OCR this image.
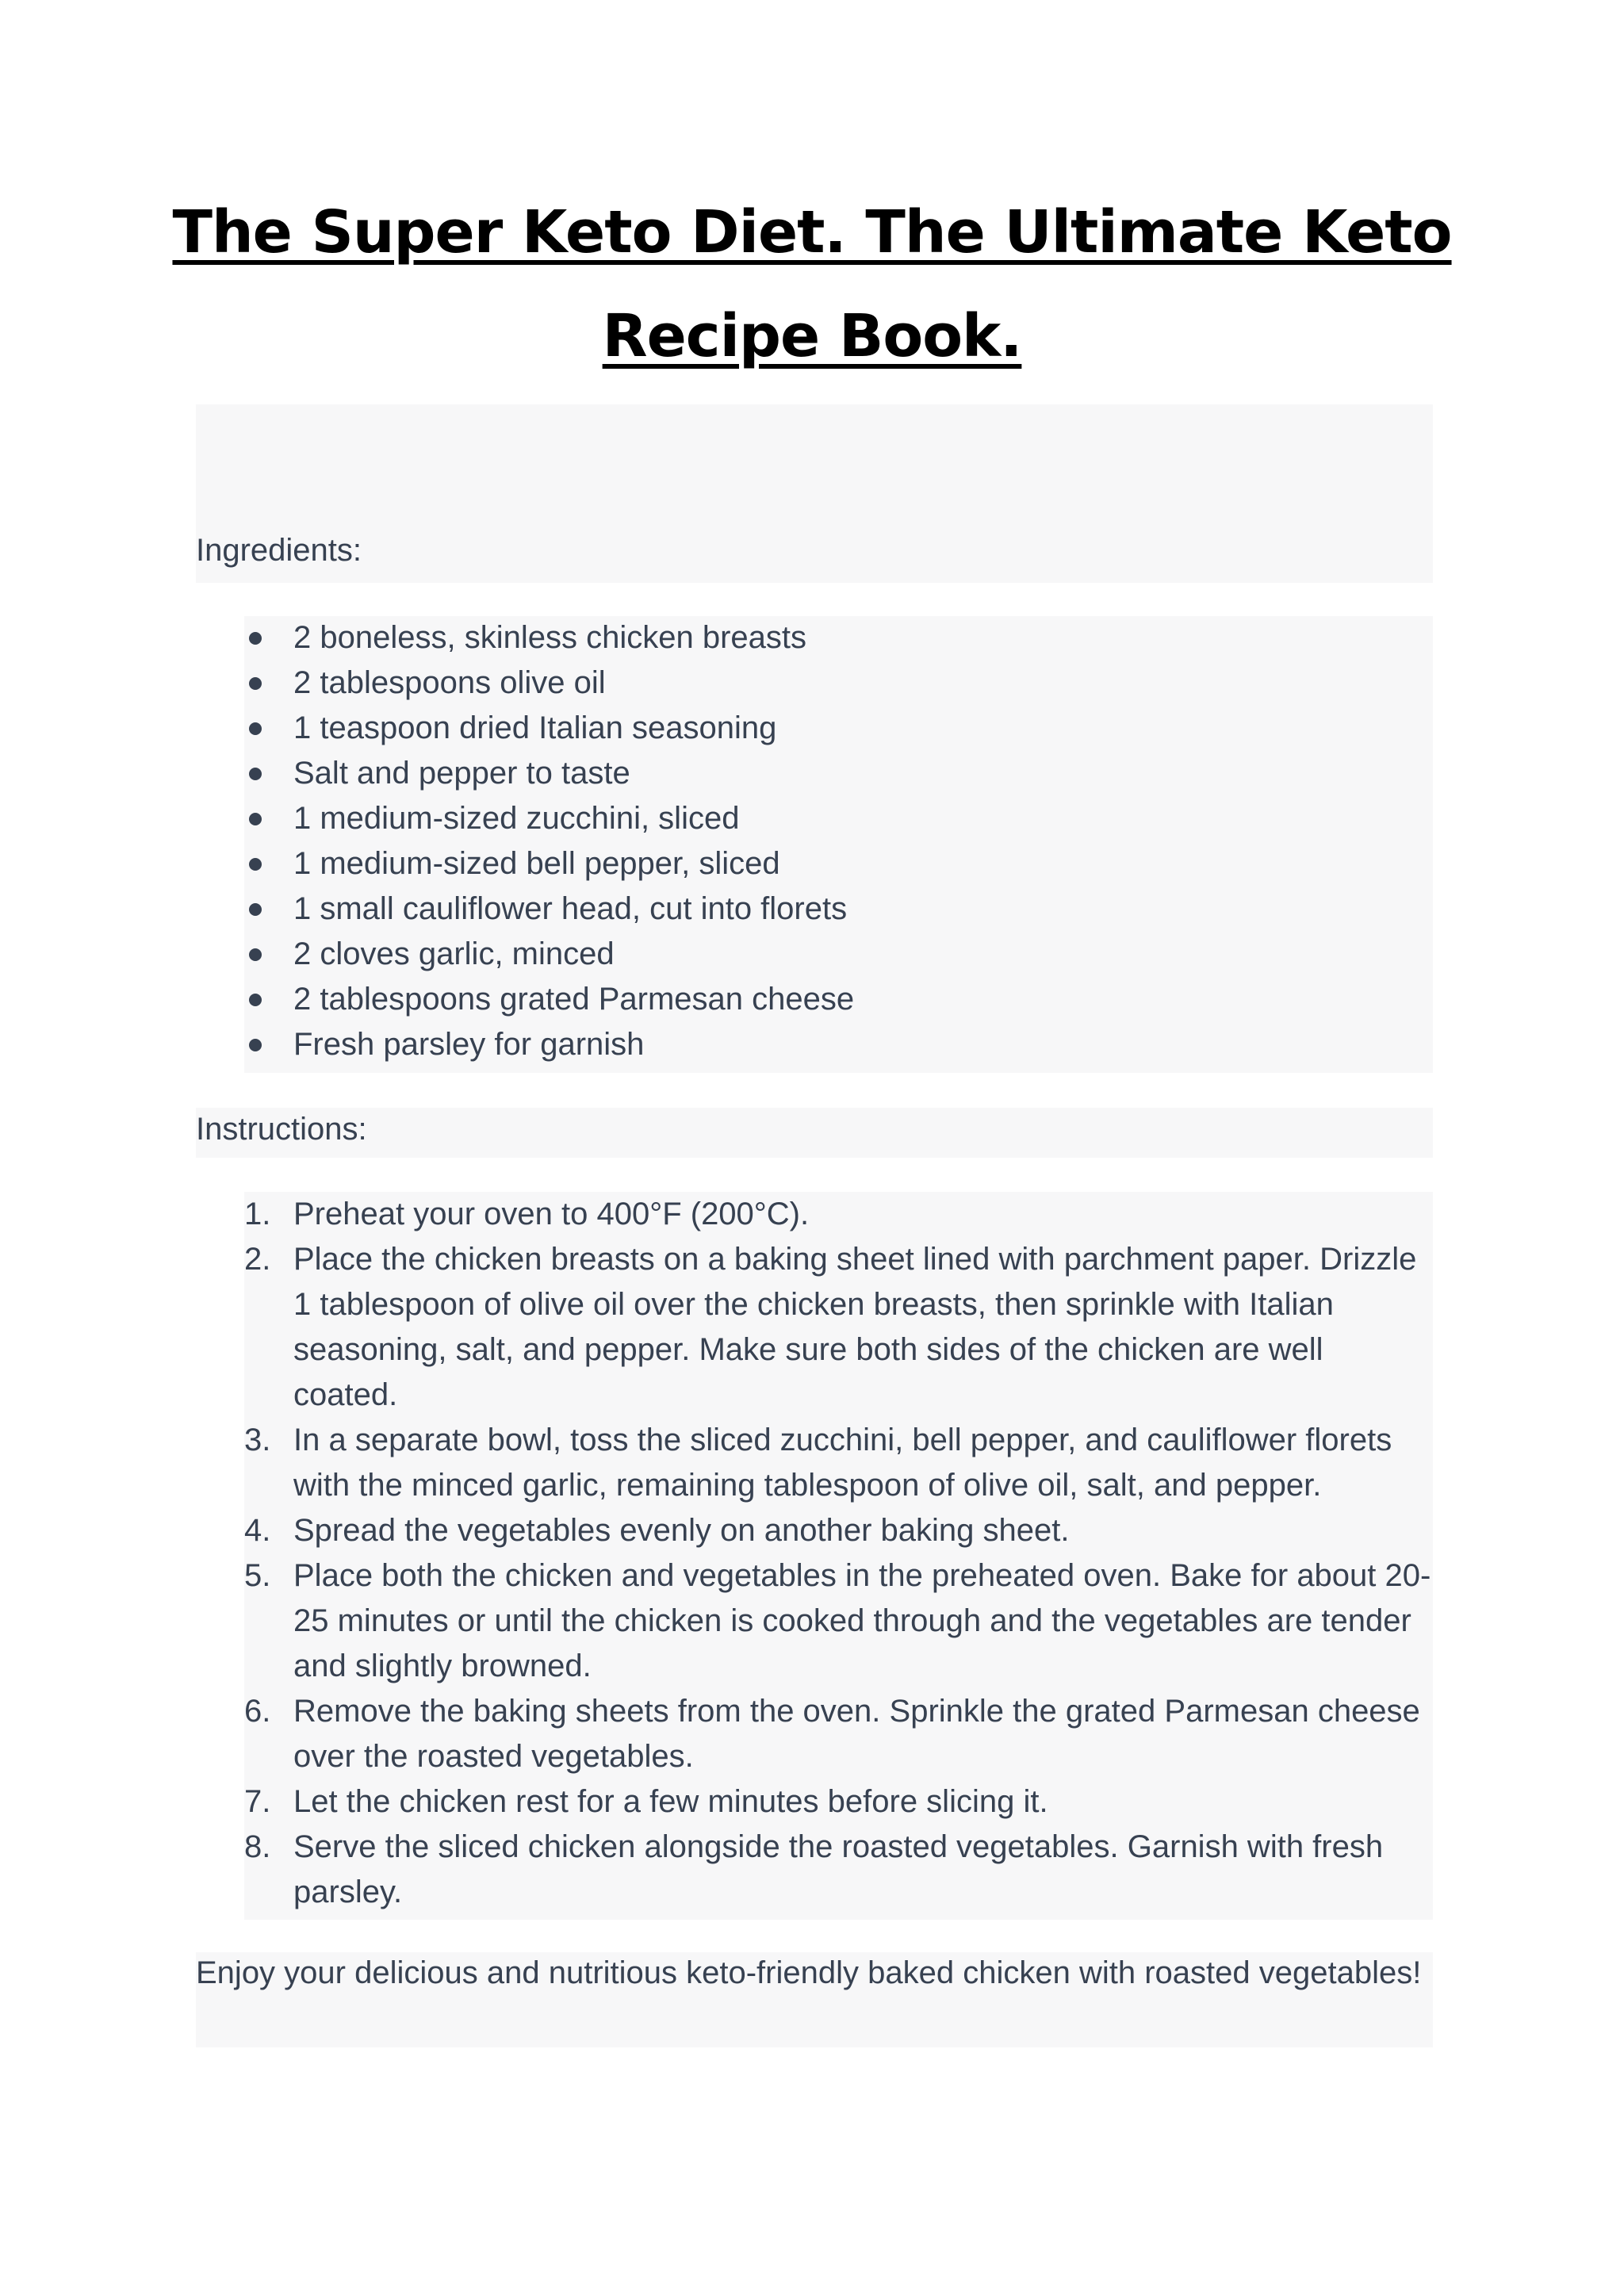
The Super Keto Diet. The Ultimate Keto Recipe Book.
Ingredients:
2 boneless, skinless chicken breasts
2 tablespoons olive oil
1 teaspoon dried Italian seasoning
Salt and pepper to taste
1 medium-sized zucchini, sliced
1 medium-sized bell pepper, sliced
1 small cauliflower head, cut into florets
2 cloves garlic, minced
2 tablespoons grated Parmesan cheese
Fresh parsley for garnish
Instructions:
1. Preheat your oven to 400°F (200°C).
2. Place the chicken breasts on a baking sheet lined with parchment paper. Drizzle 1 tablespoon of olive oil over the chicken breasts, then sprinkle with Italian seasoning, salt, and pepper. Make sure both sides of the chicken are well coated.
3. In a separate bowl, toss the sliced zucchini, bell pepper, and cauliflower florets with the minced garlic, remaining tablespoon of olive oil, salt, and pepper.
4. Spread the vegetables evenly on another baking sheet.
5. Place both the chicken and vegetables in the preheated oven. Bake for about 20-25 minutes or until the chicken is cooked through and the vegetables are tender and slightly browned.
6. Remove the baking sheets from the oven. Sprinkle the grated Parmesan cheese over the roasted vegetables.
7. Let the chicken rest for a few minutes before slicing it.
8. Serve the sliced chicken alongside the roasted vegetables. Garnish with fresh parsley.

Enjoy your delicious and nutritious keto-friendly baked chicken with roasted vegetables!
